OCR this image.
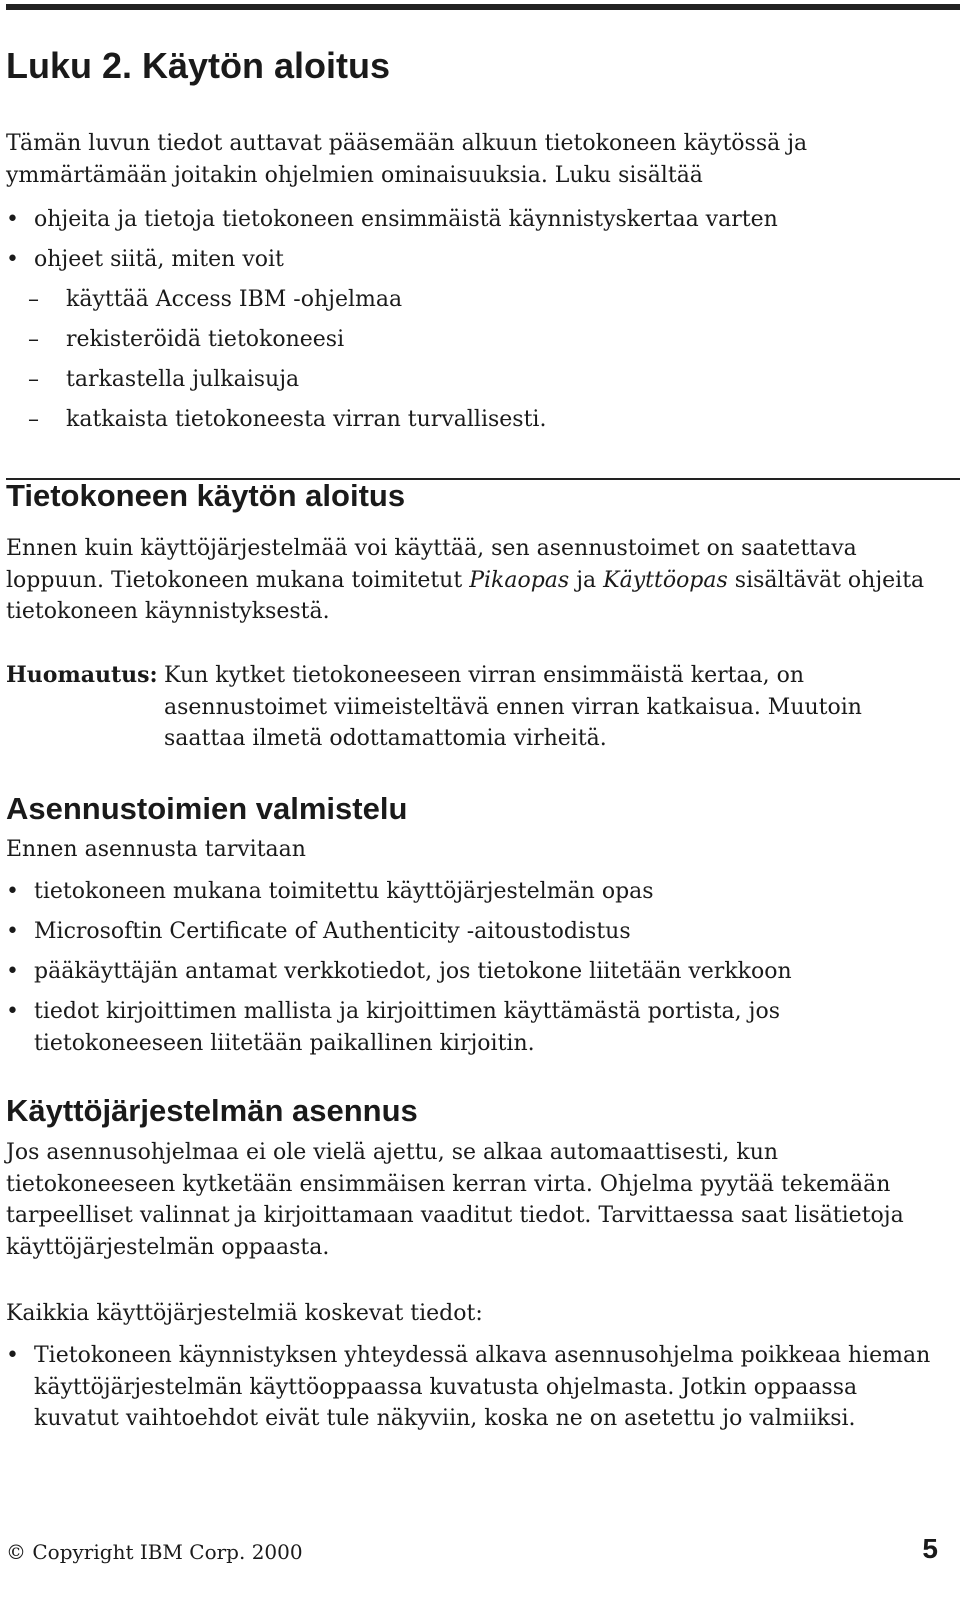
Luku 2. Käytön aloitus

Tämän luvun tiedot auttavat pääsemään alkuun tietokoneen käytössä ja ymmärtämään joitakin ohjelmien ominaisuuksia. Luku sisältää

• ohjeita ja tietoja tietokoneen ensimmäistä käynnistyskertaa varten
• ohjeet siitä, miten voit
– käyttää Access IBM -ohjelmaa
– rekisteröidä tietokoneesi
– tarkastella julkaisuja
– katkaista tietokoneesta virran turvallisesti.
Tietokoneen käytön aloitus

Ennen kuin käyttöjärjestelmää voi käyttää, sen asennustoimet on saatettava loppuun. Tietokoneen mukana toimitetut Pikaopas ja Käyttöopas sisältävät ohjeita tietokoneen käynnistyksestä.

Huomautus: Kun kytket tietokoneeseen virran ensimmäistä kertaa, on asennustoimet viimeisteltävä ennen virran katkaisua. Muutoin saattaa ilmetä odottamattomia virheitä.
Asennustoimien valmistelu

Ennen asennusta tarvitaan

• tietokoneen mukana toimitettu käyttöjärjestelmän opas
• Microsoftin Certificate of Authenticity -aitoustodistus
• pääkäyttäjän antamat verkkotiedot, jos tietokone liitetään verkkoon
• tiedot kirjoittimen mallista ja kirjoittimen käyttämästä portista, jos tietokoneeseen liitetään paikallinen kirjoitin.
Käyttöjärjestelmän asennus

Jos asennusohjelmaa ei ole vielä ajettu, se alkaa automaattisesti, kun tietokoneeseen kytketään ensimmäisen kerran virta. Ohjelma pyytää tekemään tarpeelliset valinnat ja kirjoittamaan vaaditut tiedot. Tarvittaessa saat lisätietoja käyttöjärjestelmän oppaasta.

Kaikkia käyttöjärjestelmiä koskevat tiedot:

• Tietokoneen käynnistyksen yhteydessä alkava asennusohjelma poikkeaa hieman käyttöjärjestelmän käyttöoppaassa kuvatusta ohjelmasta. Jotkin oppaassa kuvatut vaihtoehdot eivät tule näkyviin, koska ne on asetettu jo valmiiksi.
© Copyright IBM Corp. 2000	5
